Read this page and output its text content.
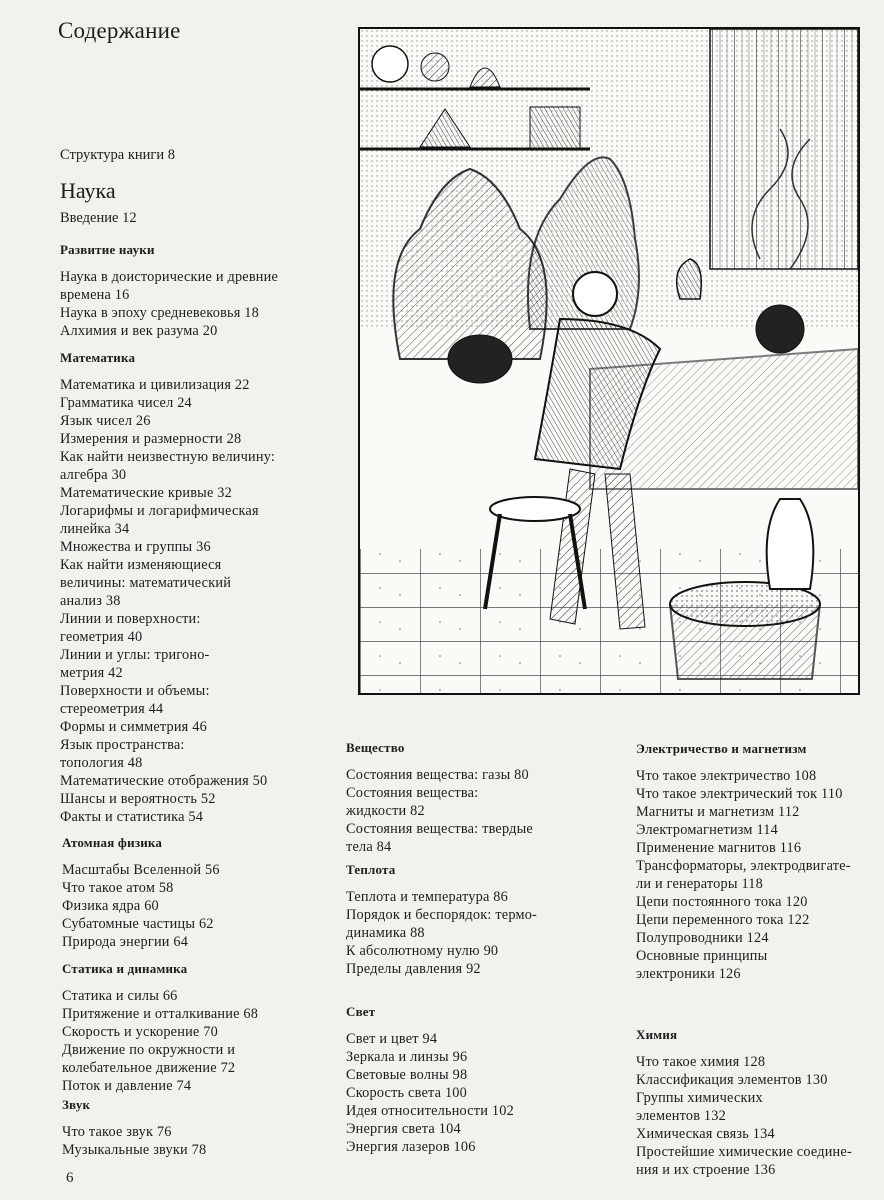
Содержание
Структура книги 8
Наука
Введение 12
Развитие науки
Наука в доисторические и древние
времена 16
Наука в эпоху средневековья 18
Алхимия и век разума 20
Математика
Математика и цивилизация 22
Грамматика чисел 24
Язык чисел 26
Измерения и размерности 28
Как найти неизвестную величину:
алгебра 30
Математические кривые 32
Логарифмы и логарифмическая
линейка 34
Множества и группы 36
Как найти изменяющиеся
величины: математический
анализ 38
Линии и поверхности:
геометрия 40
Линии и углы: тригоно-
метрия 42
Поверхности и объемы:
стереометрия 44
Формы и симметрия 46
Язык пространства:
топология 48
Математические отображения 50
Шансы и вероятность 52
Факты и статистика 54
Атомная физика
Масштабы Вселенной 56
Что такое атом 58
Физика ядра 60
Субатомные частицы 62
Природа энергии 64
Статика и динамика
Статика и силы 66
Притяжение и отталкивание 68
Скорость и ускорение 70
Движение по окружности и
колебательное движение 72
Поток и давление 74
Звук
Что такое звук 76
Музыкальные звуки 78
Вещество
Состояния вещества: газы 80
Состояния вещества:
жидкости 82
Состояния вещества: твердые
тела 84
Теплота
Теплота и температура 86
Порядок и беспорядок: термо-
динамика 88
К абсолютному нулю 90
Пределы давления 92
Свет
Свет и цвет 94
Зеркала и линзы 96
Световые волны 98
Скорость света 100
Идея относительности 102
Энергия света 104
Энергия лазеров 106
Электричество и магнетизм
Что такое электричество 108
Что такое электрический ток 110
Магниты и магнетизм 112
Электромагнетизм 114
Применение магнитов 116
Трансформаторы, электродвигате-
ли и генераторы 118
Цепи постоянного тока 120
Цепи переменного тока 122
Полупроводники 124
Основные принципы
электроники 126
Химия
Что такое химия 128
Классификация элементов 130
Группы химических
элементов 132
Химическая связь 134
Простейшие химические соедине-
ния и их строение 136
6
